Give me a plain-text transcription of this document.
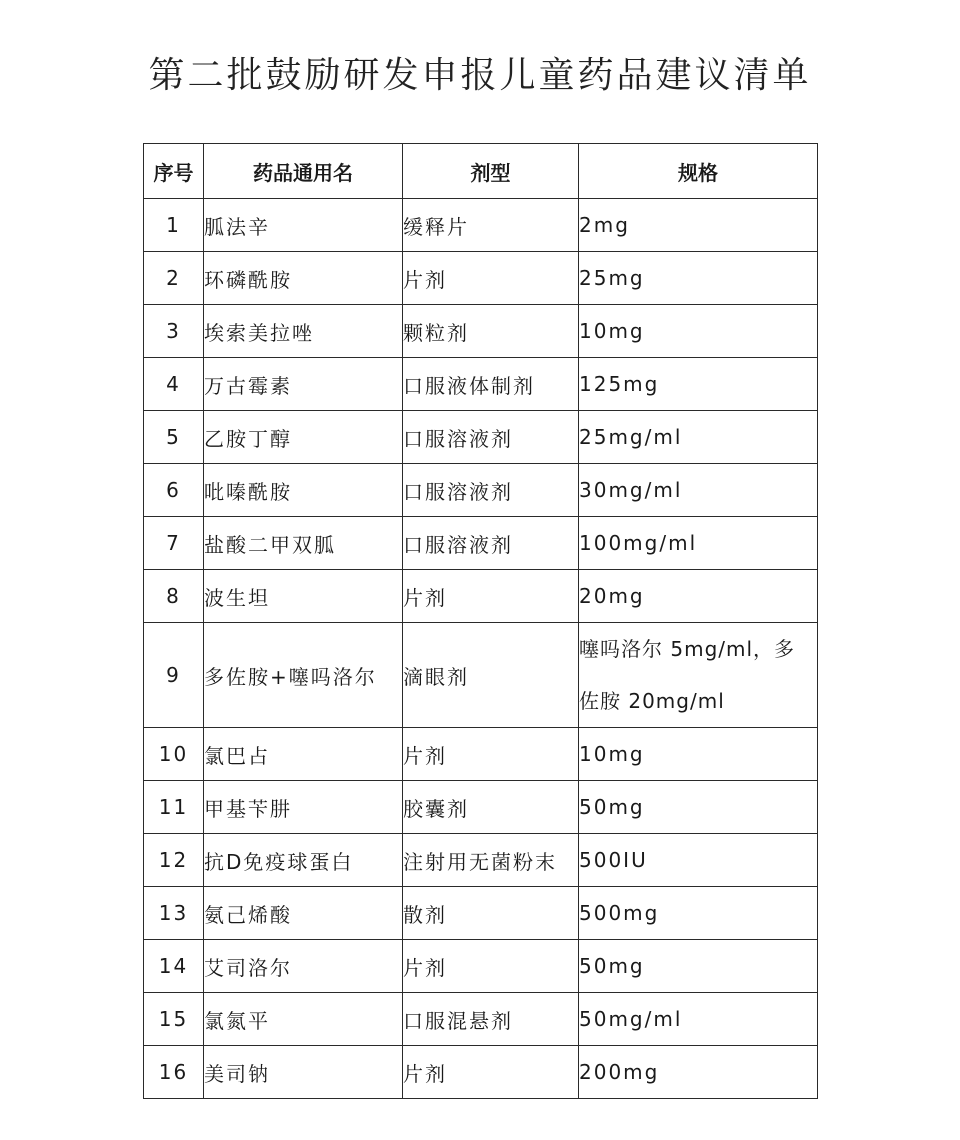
第二批鼓励研发申报儿童药品建议清单
序号	药品通用名	剂型	规格
1	胍法辛	缓释片	2mg
2	环磷酰胺	片剂	25mg
3	埃索美拉唑	颗粒剂	10mg
4	万古霉素	口服液体制剂	125mg
5	乙胺丁醇	口服溶液剂	25mg/ml
6	吡嗪酰胺	口服溶液剂	30mg/ml
7	盐酸二甲双胍	口服溶液剂	100mg/ml
8	波生坦	片剂	20mg
9	多佐胺+噻吗洛尔	滴眼剂	噻吗洛尔 5mg/ml，多佐胺 20mg/ml

10	氯巴占	片剂	10mg
11	甲基苄肼	胶囊剂	50mg
12	抗D免疫球蛋白	注射用无菌粉末	500IU
13	氨己烯酸	散剂	500mg
14	艾司洛尔	片剂	50mg
15	氯氮平	口服混悬剂	50mg/ml
16	美司钠	片剂	200mg
